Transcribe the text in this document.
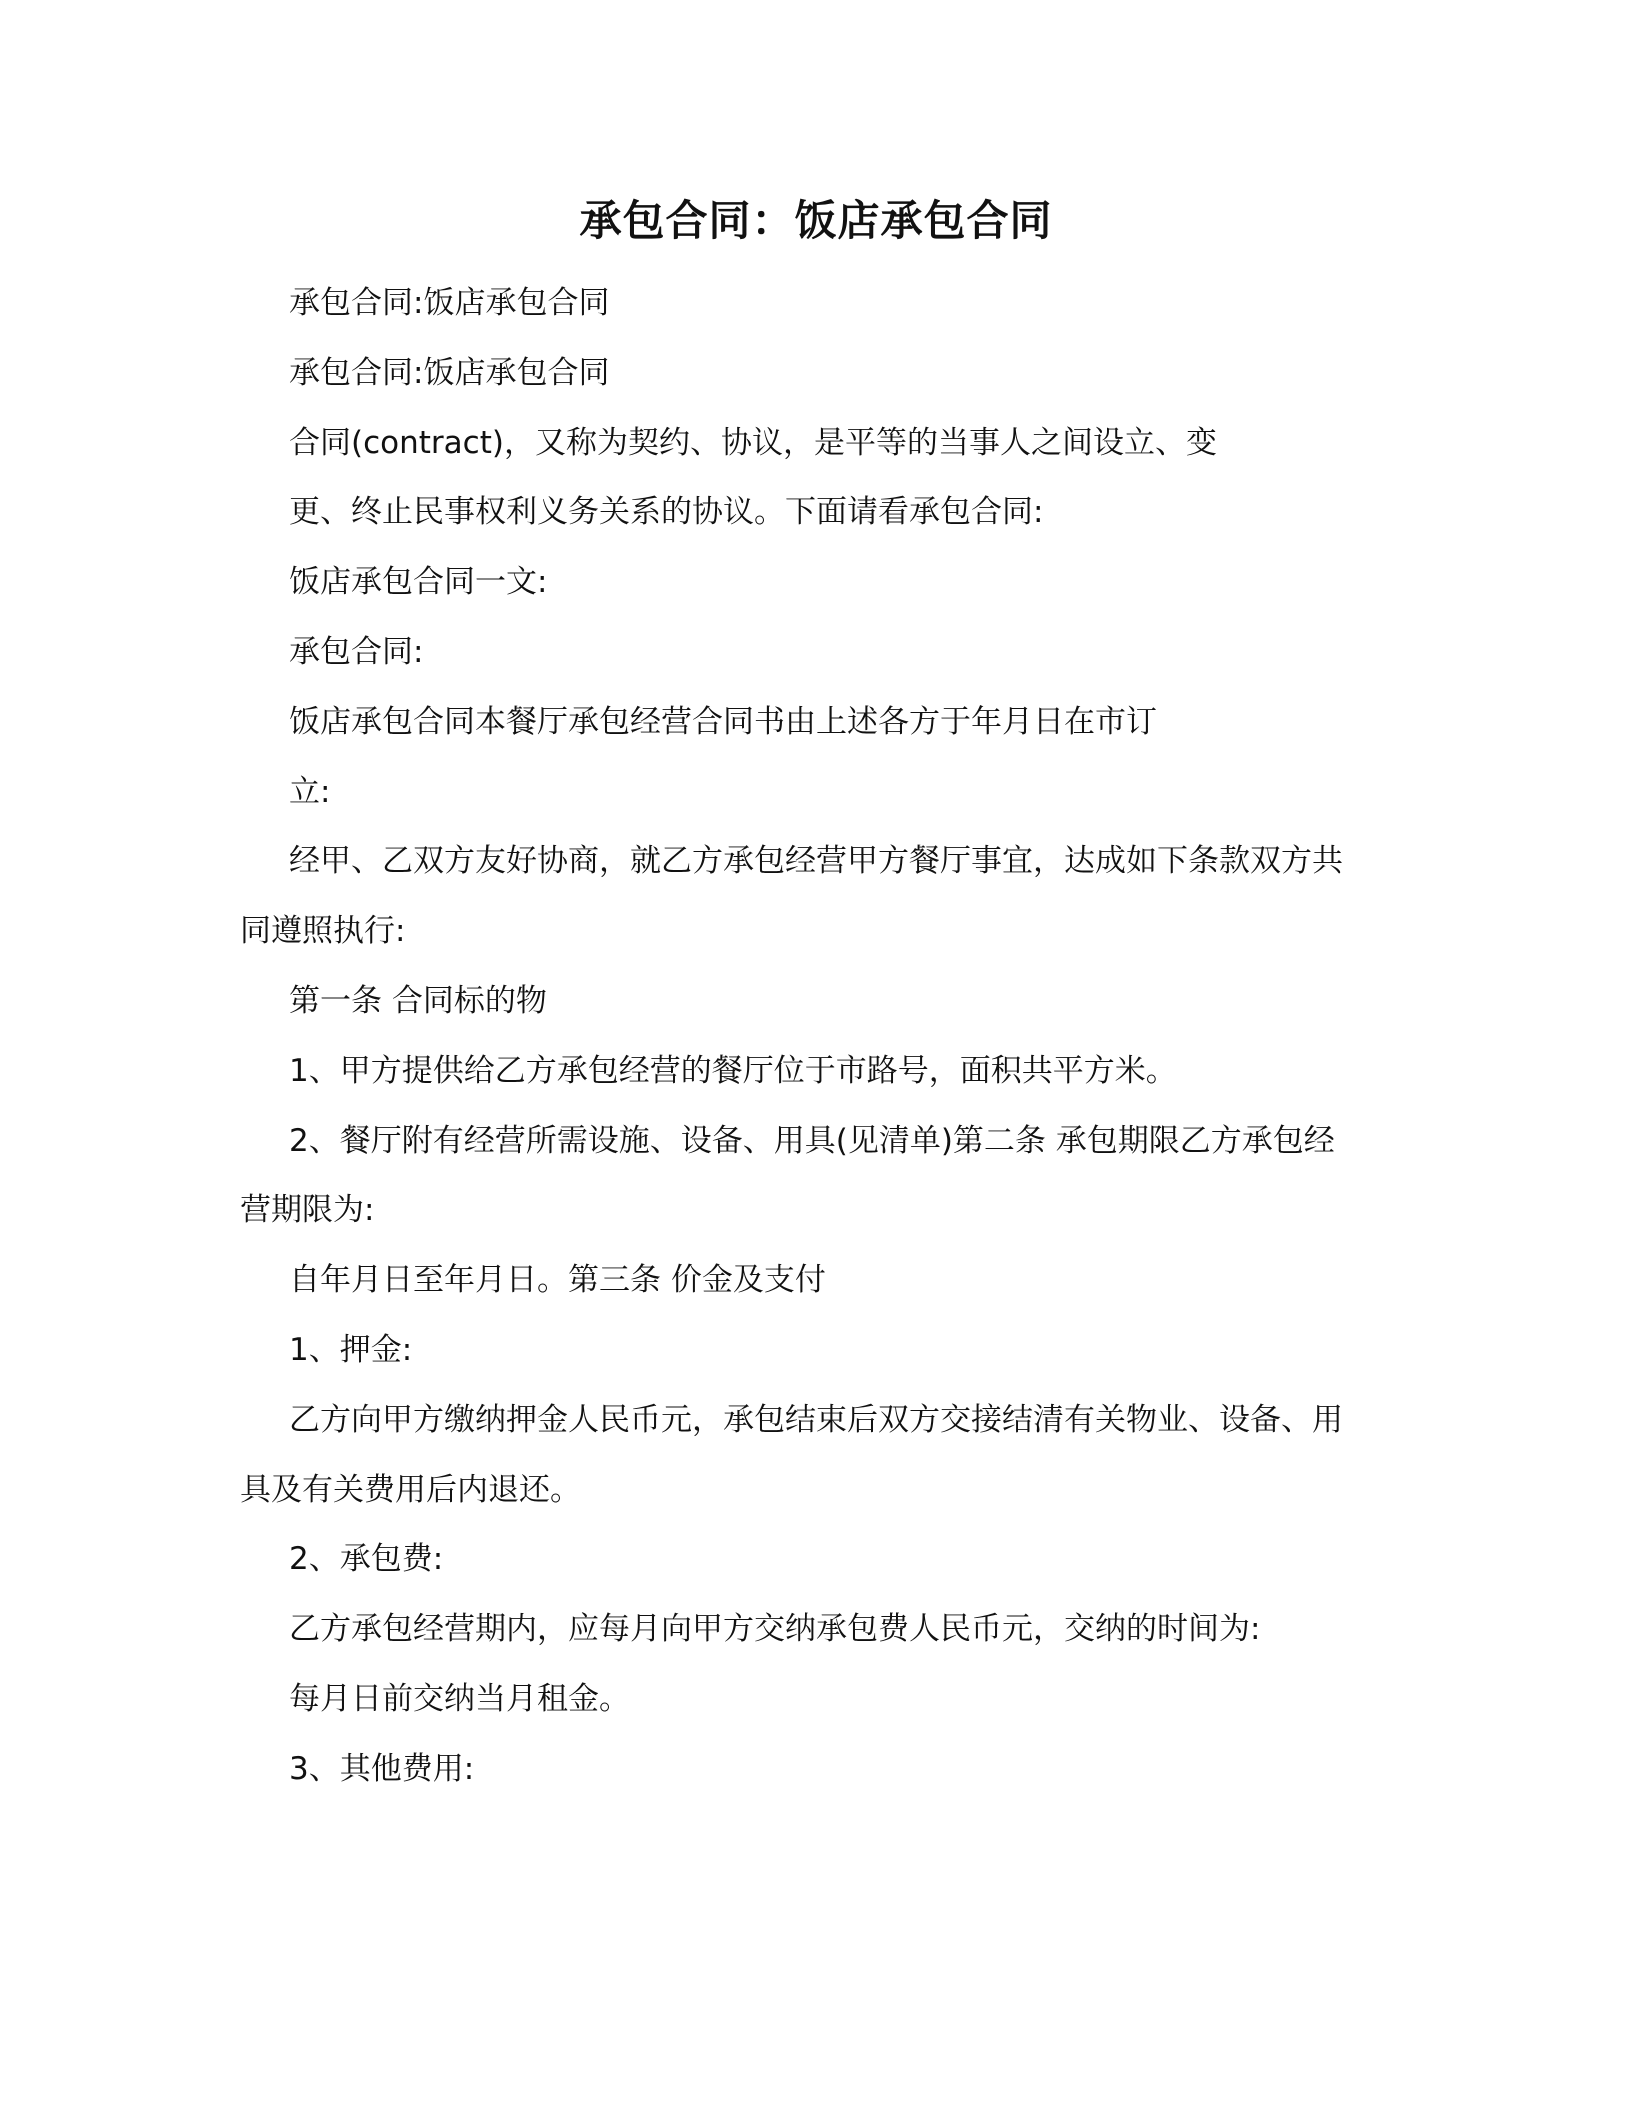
承包合同：饭店承包合同
承包合同:饭店承包合同
承包合同:饭店承包合同
合同(contract)，又称为契约、协议，是平等的当事人之间设立、变
更、终止民事权利义务关系的协议。下面请看承包合同:
饭店承包合同一文:
承包合同:
饭店承包合同本餐厅承包经营合同书由上述各方于年月日在市订
立:
经甲、乙双方友好协商，就乙方承包经营甲方餐厅事宜，达成如下条款双方共
同遵照执行:
第一条 合同标的物
1、甲方提供给乙方承包经营的餐厅位于市路号，面积共平方米。
2、餐厅附有经营所需设施、设备、用具(见清单)第二条 承包期限乙方承包经
营期限为:
自年月日至年月日。第三条 价金及支付
1、押金:
乙方向甲方缴纳押金人民币元，承包结束后双方交接结清有关物业、设备、用
具及有关费用后内退还。
2、承包费:
乙方承包经营期内，应每月向甲方交纳承包费人民币元，交纳的时间为:
每月日前交纳当月租金。
3、其他费用:
